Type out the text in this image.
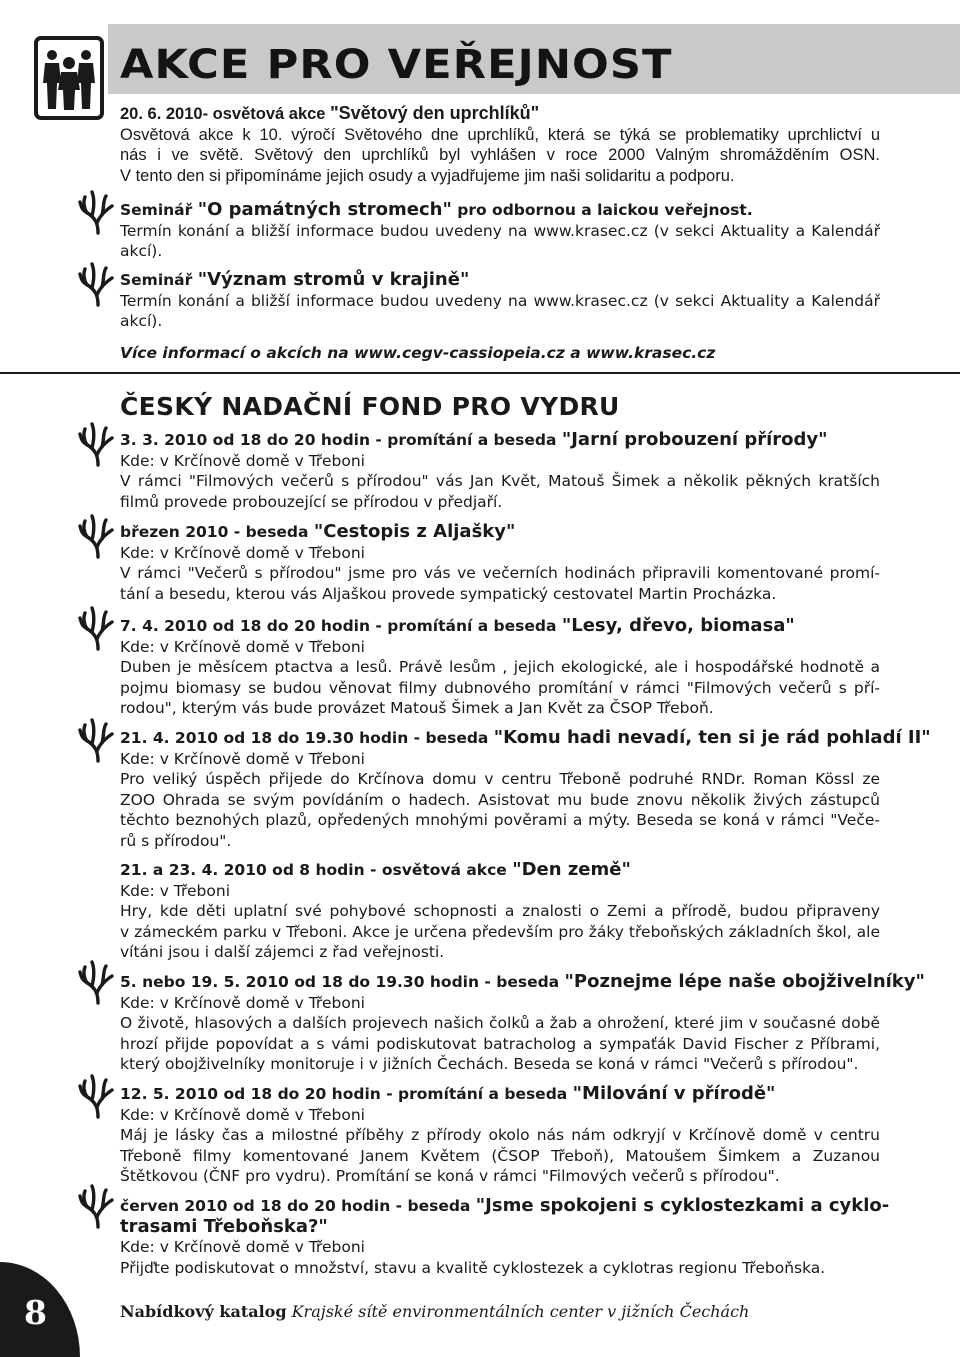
AKCE PRO VEŘEJNOST
20. 6. 2010- osvětová akce "Světový den uprchlíků"
Osvětová akce k 10. výročí Světového dne uprchlíků, která se týká se problematiky uprchlictví u
nás i ve světě. Světový den uprchlíků byl vyhlášen v roce 2000 Valným shromážděním OSN.
V tento den si připomínáme jejich osudy a vyjadřujeme jim naši solidaritu a podporu.
Seminář "O památných stromech" pro odbornou a laickou veřejnost.
Termín konání a bližší informace budou uvedeny na www.krasec.cz (v sekci Aktuality a Kalendář
akcí).
Seminář "Význam stromů v krajině"
Termín konání a bližší informace budou uvedeny na www.krasec.cz (v sekci Aktuality a Kalendář
akcí).
Více informací o akcích na www.cegv-cassiopeia.cz a www.krasec.cz
ČESKÝ NADAČNÍ FOND PRO VYDRU
3. 3. 2010 od 18 do 20 hodin - promítání a beseda "Jarní probouzení přírody"
Kde: v Krčínově domě v Třeboni
V rámci "Filmových večerů s přírodou" vás Jan Květ, Matouš Šimek a několik pěkných kratších
filmů provede probouzející se přírodou v předjaří.
březen 2010 - beseda "Cestopis z Aljašky"
Kde: v Krčínově domě v Třeboni
V rámci "Večerů s přírodou" jsme pro vás ve večerních hodinách připravili komentované promí-
tání a besedu, kterou vás Aljaškou provede sympatický cestovatel Martin Procházka.
7. 4. 2010 od 18 do 20 hodin - promítání a beseda "Lesy, dřevo, biomasa"
Kde: v Krčínově domě v Třeboni
Duben je měsícem ptactva a lesů. Právě lesům , jejich ekologické, ale i hospodářské hodnotě a
pojmu biomasy se budou věnovat filmy dubnového promítání v rámci "Filmových večerů s pří-
rodou", kterým vás bude provázet Matouš Šimek a Jan Květ za ČSOP Třeboň.
21. 4. 2010 od 18 do 19.30 hodin - beseda "Komu hadi nevadí, ten si je rád pohladí II"
Kde: v Krčínově domě v Třeboni
Pro veliký úspěch přijede do Krčínova domu v centru Třeboně podruhé RNDr. Roman Kössl ze
ZOO Ohrada se svým povídáním o hadech. Asistovat mu bude znovu několik živých zástupců
těchto beznohých plazů, opředených mnohými pověrami a mýty. Beseda se koná v rámci "Veče-
rů s přírodou".
21. a 23. 4. 2010 od 8 hodin - osvětová akce "Den země"
Kde: v Třeboni
Hry, kde děti uplatní své pohybové schopnosti a znalosti o Zemi a přírodě, budou připraveny
v zámeckém parku v Třeboni. Akce je určena především pro žáky třeboňských základních škol, ale
vítáni jsou i další zájemci z řad veřejnosti.
5. nebo 19. 5. 2010 od 18 do 19.30 hodin - beseda "Poznejme lépe naše obojživelníky"
Kde: v Krčínově domě v Třeboni
O životě, hlasových a dalších projevech našich čolků a žab a ohrožení, které jim v současné době
hrozí přijde popovídat a s vámi podiskutovat batracholog a sympaťák David Fischer z Příbrami,
který obojživelníky monitoruje i v jižních Čechách. Beseda se koná v rámci "Večerů s přírodou".
12. 5. 2010 od 18 do 20 hodin - promítání a beseda "Milování v přírodě"
Kde: v Krčínově domě v Třeboni
Máj je lásky čas a milostné příběhy z přírody okolo nás nám odkryjí v Krčínově domě v centru
Třeboně filmy komentované Janem Květem (ČSOP Třeboň), Matoušem Šimkem a Zuzanou
Štětkovou (ČNF pro vydru). Promítání se koná v rámci "Filmových večerů s přírodou".
červen 2010 od 18 do 20 hodin - beseda "Jsme spokojeni s cyklostezkami a cyklo-
trasami Třeboňska?"
Kde: v Krčínově domě v Třeboni
Přijďte podiskutovat o množství, stavu a kvalitě cyklostezek a cyklotras regionu Třeboňska.
8	Nabídkový katalog Krajské sítě environmentálních center v jižních Čechách
